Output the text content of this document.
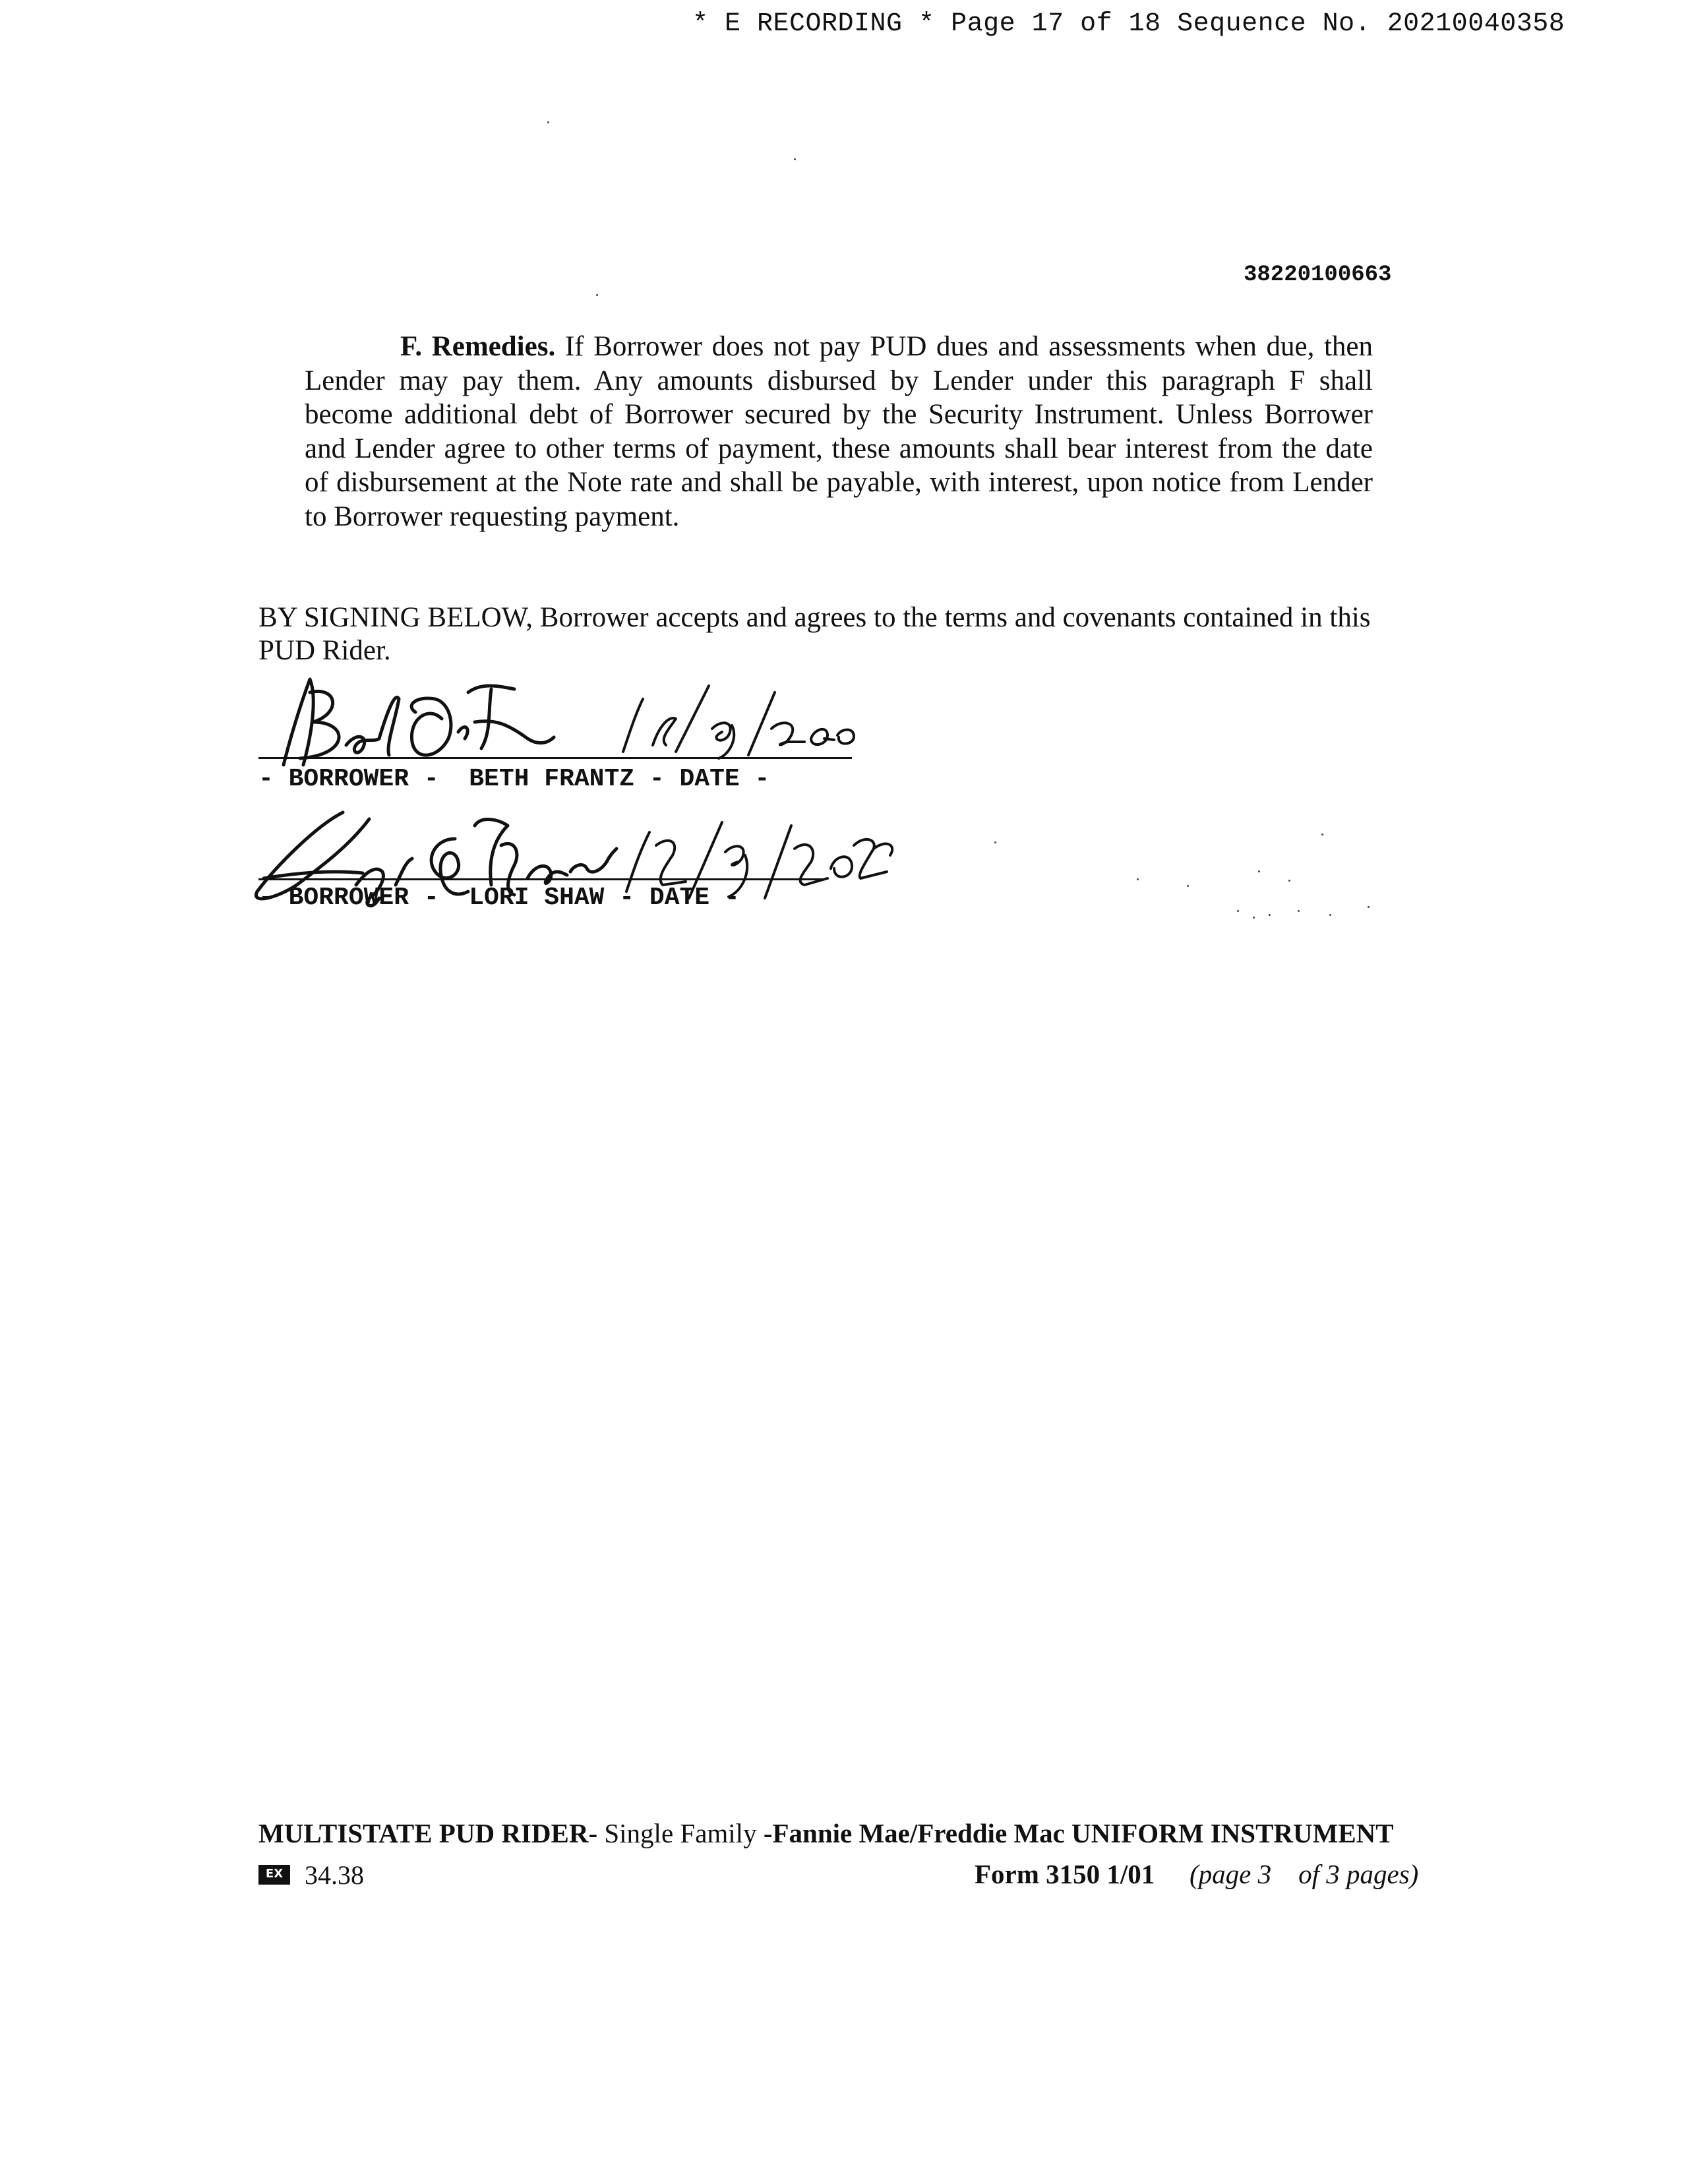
* E RECORDING * Page 17 of 18 Sequence No. 20210040358
38220100663

F. Remedies. If Borrower does not pay PUD dues and assessments when due, then Lender may pay them. Any amounts disbursed by Lender under this paragraph F shall become additional debt of Borrower secured by the Security Instrument. Unless Borrower and Lender agree to other terms of payment, these amounts shall bear interest from the date of disbursement at the Note rate and shall be payable, with interest, upon notice from Lender to Borrower requesting payment.

BY SIGNING BELOW, Borrower accepts and agrees to the terms and covenants contained in this PUD Rider.

- BORROWER -  BETH FRANTZ - DATE -
- BORROWER -  LORI SHAW - DATE -
MULTISTATE PUD RIDER- Single Family -Fannie Mae/Freddie Mac UNIFORM INSTRUMENT
EX 34.38	Form 3150 1/01 (page 3    of 3 pages)
